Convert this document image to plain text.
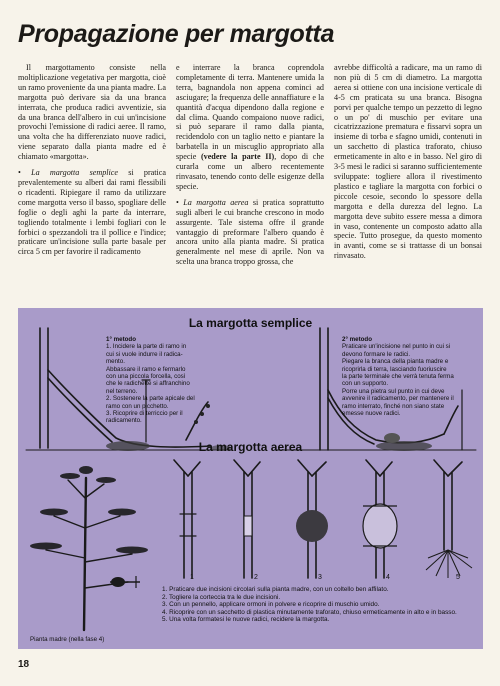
Propagazione per margotta

Il margottamento consiste nella moltiplicazione vegetativa per margotta, cioè un ramo proveniente da una pianta madre. La margotta può derivare sia da una branca interrata, che produca radici avventizie, sia da una branca dell'albero in cui un'incisione provochi l'emissione di radici aeree. Il ramo, una volta che ha differenziato nuove radici, viene separato dalla pianta madre ed è chiamato «margotta».

• La margotta semplice si pratica prevalentemente su alberi dai rami flessibili o ricadenti. Ripiegare il ramo da utilizzare come margotta verso il basso, spogliare delle foglie o degli aghi la parte da interrare, togliendo totalmente i lembi fogliari con le forbici o spezzandoli tra il pollice e l'indice; praticare un'incisione sulla parte basale per circa 5 cm per favorire il radicamento

e interrare la branca coprendola completamente di terra. Mantenere umida la terra, bagnandola non appena cominci ad asciugare; la frequenza delle annaffiature e la quantità d'acqua dipendono dalla regione e dal clima. Quando compaiono nuove radici, si può separare il ramo dalla pianta, recidendolo con un taglio netto e piantare la barbatella in un miscuglio appropriato alla specie (vedere la parte II), dopo di che curarla come un albero recentemente rinvasato, tenendo conto delle esigenze della specie.

• La margotta aerea si pratica soprattutto sugli alberi le cui branche crescono in modo assurgente. Tale sistema offre il grande vantaggio di preformare l'albero quando è ancora unito alla pianta madre. Si pratica generalmente nel mese di aprile. Non va scelta una branca troppo grossa, che

avrebbe difficoltà a radicare, ma un ramo di non più di 5 cm di diametro. La margotta aerea si ottiene con una incisione verticale di 4-5 cm praticata su una branca. Bisogna porvi per qualche tempo un pezzetto di legno o un po' di muschio per evitare una cicatrizzazione prematura e fissarvi sopra un insieme di torba e sfagno umidi, contenuti in un sacchetto di plastica traforato, chiuso ermeticamente in alto e in basso. Nel giro di 3-5 mesi le radici si saranno sufficientemente sviluppate: togliere allora il rivestimento plastico e tagliare la margotta con forbici o piccole cesoie, secondo lo spessore della margotta e della durezza del legno. La margotta deve subito essere messa a dimora in vaso, contenente un composto adatto alla specie. Tutto prosegue, da questo momento in avanti, come se si trattasse di un bonsai rinvasato.

La margotta semplice
1° metodo
1. Incidere la parte di ramo in
cui si vuole indurre il radica-
mento.
Abbassare il ramo e fermarlo
con una piccola forcella, così
che le radichette si affranchino
nel terreno.
2. Sostenere la parte apicale del
ramo con un picchetto.
3. Ricoprire di terriccio per il
radicamento.
2° metodo
Praticare un'incisione nel punto in cui si
devono formare le radici.
Piegare la branca della pianta madre e
ricoprirla di terra, lasciando fuoriuscire
la parte terminale che verrà tenuta ferma
con un supporto.
Porre una pietra sul punto in cui deve
avvenire il radicamento, per mantenere il
ramo interrato, finché non siano state
emesse nuove radici.
La margotta aerea
Pianta madre (nella fase 4)
1	2	3	4	5
1. Praticare due incisioni circolari sulla pianta madre, con un coltello ben affilato.
2. Togliere la corteccia tra le due incisioni.
3. Con un pennello, applicare ormoni in polvere e ricoprire di muschio umido.
4. Ricoprire con un sacchetto di plastica minutamente traforato, chiuso ermeticamente in alto e in basso.
5. Una volta formatesi le nuove radici, recidere la margotta.
18
